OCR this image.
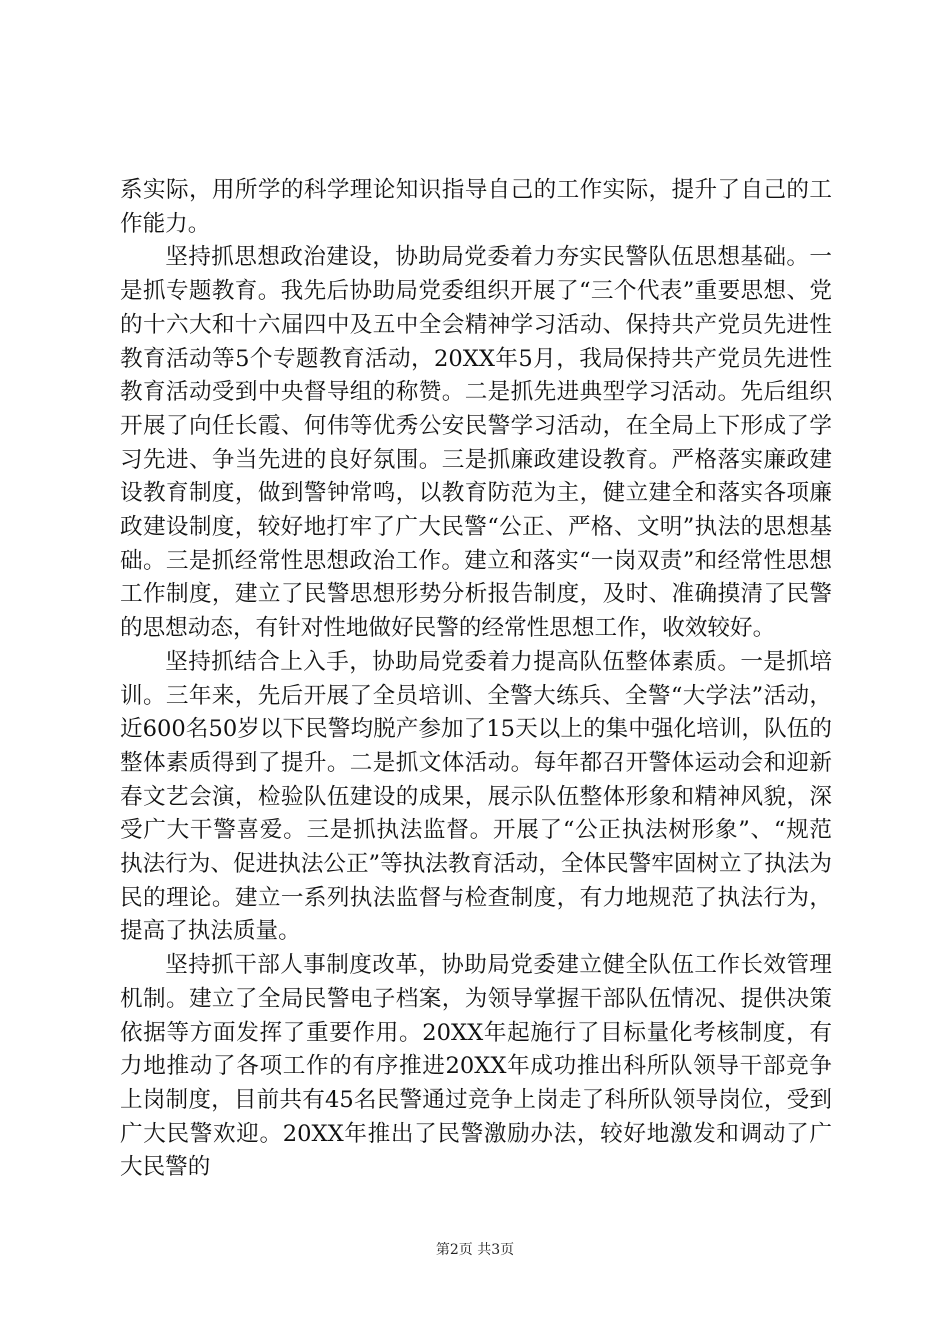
系实际，用所学的科学理论知识指导自己的工作实际，提升了自己的工作能力。

坚持抓思想政治建设，协助局党委着力夯实民警队伍思想基础。一是抓专题教育。我先后协助局党委组织开展了“三个代表”重要思想、党的十六大和十六届四中及五中全会精神学习活动、保持共产党员先进性教育活动等5个专题教育活动，20XX年5月，我局保持共产党员先进性教育活动受到中央督导组的称赞。二是抓先进典型学习活动。先后组织开展了向任长霞、何伟等优秀公安民警学习活动，在全局上下形成了学习先进、争当先进的良好氛围。三是抓廉政建设教育。严格落实廉政建设教育制度，做到警钟常鸣，以教育防范为主，健立建全和落实各项廉政建设制度，较好地打牢了广大民警“公正、严格、文明”执法的思想基础。三是抓经常性思想政治工作。建立和落实“一岗双责”和经常性思想工作制度，建立了民警思想形势分析报告制度，及时、准确摸清了民警的思想动态，有针对性地做好民警的经常性思想工作，收效较好。

坚持抓结合上入手，协助局党委着力提高队伍整体素质。一是抓培训。三年来，先后开展了全员培训、全警大练兵、全警“大学法”活动，近600名50岁以下民警均脱产参加了15天以上的集中强化培训，队伍的整体素质得到了提升。二是抓文体活动。每年都召开警体运动会和迎新春文艺会演，检验队伍建设的成果，展示队伍整体形象和精神风貌，深受广大干警喜爱。三是抓执法监督。开展了“公正执法树形象”、“规范执法行为、促进执法公正”等执法教育活动，全体民警牢固树立了执法为民的理论。建立一系列执法监督与检查制度，有力地规范了执法行为，提高了执法质量。

坚持抓干部人事制度改革，协助局党委建立健全队伍工作长效管理机制。建立了全局民警电子档案，为领导掌握干部队伍情况、提供决策依据等方面发挥了重要作用。20XX年起施行了目标量化考核制度，有力地推动了各项工作的有序推进20XX年成功推出科所队领导干部竞争上岗制度，目前共有45名民警通过竞争上岗走了科所队领导岗位，受到广大民警欢迎。20XX年推出了民警激励办法，较好地激发和调动了广大民警的

第2页 共3页
